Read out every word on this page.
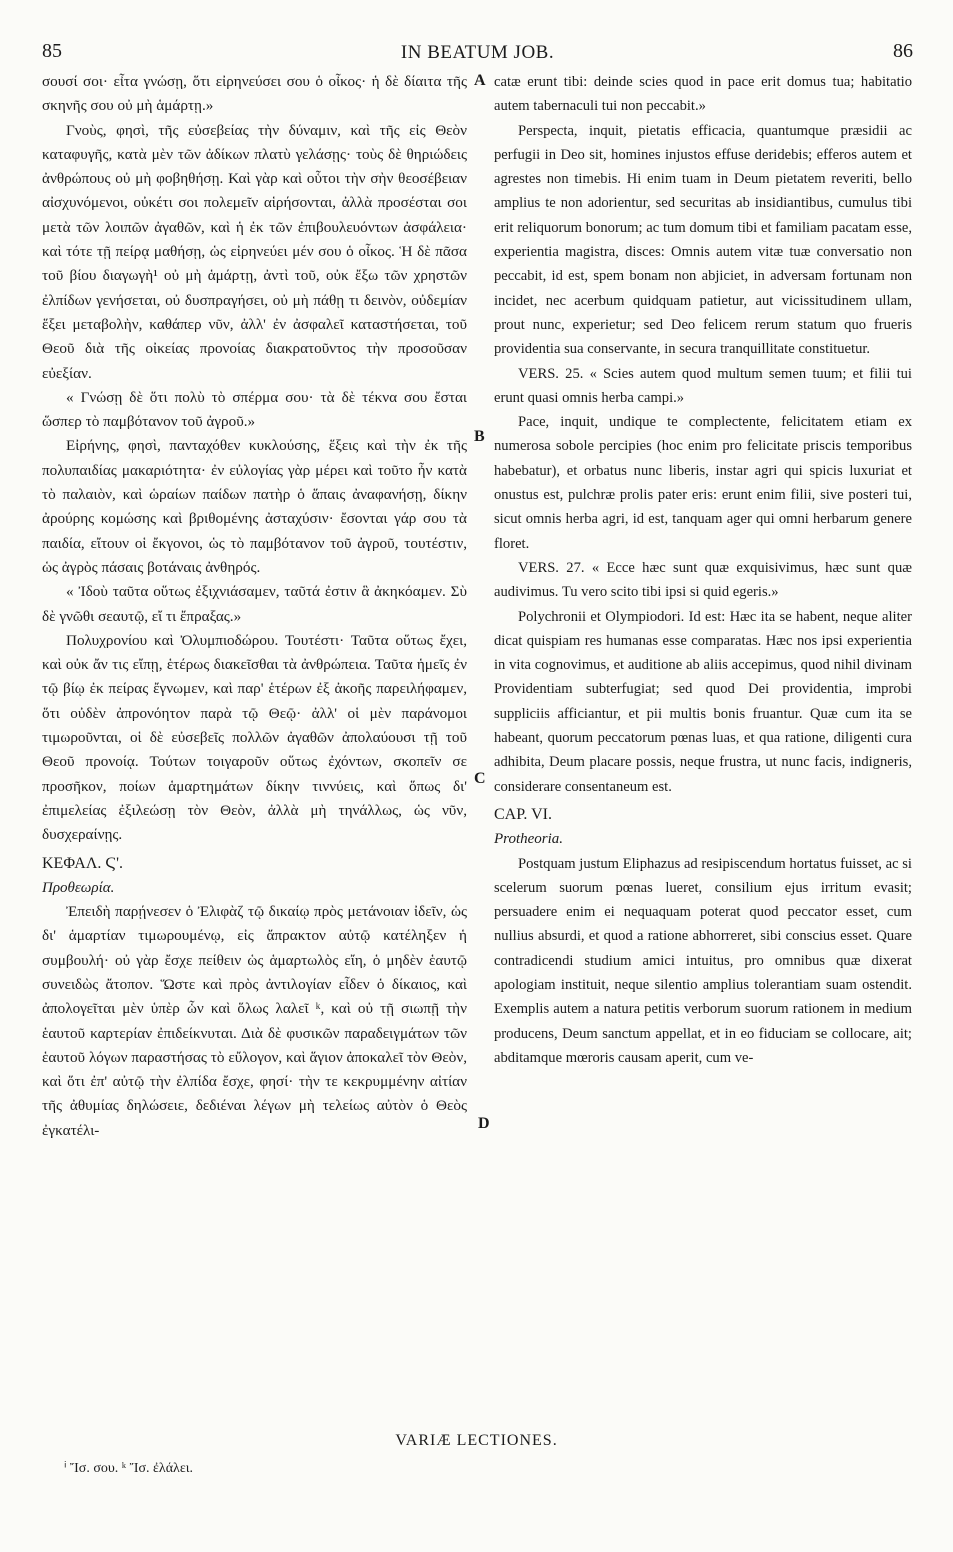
85	IN BEATUM JOB.	86

σουσί σοι· εἶτα γνώσῃ, ὅτι εἰρηνεύσει σου ὁ οἶκος· ἡ δὲ δίαιτα τῆς σκηνῆς σου οὐ μὴ ἁμάρτῃ.»

Γνοὺς, φησὶ, τῆς εὐσεβείας τὴν δύναμιν, καὶ τῆς εἰς Θεὸν καταφυγῆς, κατὰ μὲν τῶν ἀδίκων πλατὺ γελάσῃς· τοὺς δὲ θηριώδεις ἀνθρώπους οὐ μὴ φοβηθήσῃ. Καὶ γὰρ καὶ οὗτοι τὴν σὴν θεοσέβειαν αἰσχυνόμενοι, οὐκέτι σοι πολεμεῖν αἱρήσονται, ἀλλὰ προσέσται σοι μετὰ τῶν λοιπῶν ἀγαθῶν, καὶ ἡ ἐκ τῶν ἐπιβουλευόντων ἀσφάλεια· καὶ τότε τῇ πείρᾳ μαθήσῃ, ὡς εἰρηνεύει μέν σου ὁ οἶκος. Ἡ δὲ πᾶσα τοῦ βίου διαγωγὴ¹ οὐ μὴ ἁμάρτῃ, ἀντὶ τοῦ, οὐκ ἔξω τῶν χρηστῶν ἐλπίδων γενήσεται, οὐ δυσπραγήσει, οὐ μὴ πάθῃ τι δεινὸν, οὐδεμίαν ἕξει μεταβολὴν, καθάπερ νῦν, ἀλλ' ἐν ἀσφαλεῖ καταστήσεται, τοῦ Θεοῦ διὰ τῆς οἰκείας προνοίας διακρατοῦντος τὴν προσοῦσαν εὐεξίαν.

« Γνώσῃ δὲ ὅτι πολὺ τὸ σπέρμα σου· τὰ δὲ τέκνα σου ἔσται ὥσπερ τὸ παμβότανον τοῦ ἀγροῦ.»

Εἰρήνης, φησὶ, πανταχόθεν κυκλούσης, ἕξεις καὶ τὴν ἐκ τῆς πολυπαιδίας μακαριότητα· ἐν εὐλογίας γὰρ μέρει καὶ τοῦτο ἦν κατὰ τὸ παλαιὸν, καὶ ὡραίων παίδων πατὴρ ὁ ἅπαις ἀναφανήσῃ, δίκην ἀρούρης κομώσης καὶ βριθομένης ἀσταχύσιν· ἔσονται γάρ σου τὰ παιδία, εἴτουν οἱ ἔκγονοι, ὡς τὸ παμβότανον τοῦ ἀγροῦ, τουτέστιν, ὡς ἀγρὸς πάσαις βοτάναις ἀνθηρός.

« Ἰδοὺ ταῦτα οὕτως ἐξιχνιάσαμεν, ταῦτά ἐστιν ἃ ἀκηκόαμεν. Σὺ δὲ γνῶθι σεαυτῷ, εἴ τι ἔπραξας.»

Πολυχρονίου καὶ Ὀλυμπιοδώρου. Τουτέστι· Ταῦτα οὕτως ἔχει, καὶ οὐκ ἄν τις εἴπῃ, ἑτέρως διακεῖσθαι τὰ ἀνθρώπεια. Ταῦτα ἡμεῖς ἐν τῷ βίῳ ἐκ πείρας ἔγνωμεν, καὶ παρ' ἑτέρων ἐξ ἀκοῆς παρειλήφαμεν, ὅτι οὐδὲν ἀπρονόητον παρὰ τῷ Θεῷ· ἀλλ' οἱ μὲν παράνομοι τιμωροῦνται, οἱ δὲ εὐσεβεῖς πολλῶν ἀγαθῶν ἀπολαύουσι τῇ τοῦ Θεοῦ προνοίᾳ. Τούτων τοιγαροῦν οὕτως ἐχόντων, σκοπεῖν σε προσῆκον, ποίων ἁμαρτημάτων δίκην τιννύεις, καὶ ὅπως δι' ἐπιμελείας ἐξιλεώσῃ τὸν Θεὸν, ἀλλὰ μὴ τηνάλλως, ὡς νῦν, δυσχεραίνῃς.

ΚΕΦΑΛ. Ϛ'.

Προθεωρία.

Ἐπειδὴ παρῄνεσεν ὁ Ἐλιφὰζ τῷ δικαίῳ πρὸς μετάνοιαν ἰδεῖν, ὡς δι' ἁμαρτίαν τιμωρουμένῳ, εἰς ἄπρακτον αὐτῷ κατέληξεν ἡ συμβουλή· οὐ γὰρ ἔσχε πείθειν ὡς ἁμαρτωλὸς εἴη, ὁ μηδὲν ἑαυτῷ συνειδὼς ἄτοπον. Ὥστε καὶ πρὸς ἀντιλογίαν εἶδεν ὁ δίκαιος, καὶ ἀπολογεῖται μὲν ὑπὲρ ὧν καὶ ὅλως λαλεῖ ᵏ, καὶ οὐ τῇ σιωπῇ τὴν ἑαυτοῦ καρτερίαν ἐπιδείκνυται. Διὰ δὲ φυσικῶν παραδειγμάτων τῶν ἑαυτοῦ λόγων παραστήσας τὸ εὔλογον, καὶ ἅγιον ἀποκαλεῖ τὸν Θεὸν, καὶ ὅτι ἐπ' αὐτῷ τὴν ἐλπίδα ἔσχε, φησί· τὴν τε κεκρυμμένην αἰτίαν τῆς ἀθυμίας δηλώσειε, δεδιέναι λέγων μὴ τελείως αὐτὸν ὁ Θεὸς ἐγκατέλι-

A
B
C
D

catæ erunt tibi: deinde scies quod in pace erit domus tua; habitatio autem tabernaculi tui non peccabit.»

Perspecta, inquit, pietatis efficacia, quantumque præsidii ac perfugii in Deo sit, homines injustos effuse deridebis; efferos autem et agrestes non timebis. Hi enim tuam in Deum pietatem reveriti, bello amplius te non adorientur, sed securitas ab insidiantibus, cumulus tibi erit reliquorum bonorum; ac tum domum tibi et familiam pacatam esse, experientia magistra, disces: Omnis autem vitæ tuæ conversatio non peccabit, id est, spem bonam non abjiciet, in adversam fortunam non incidet, nec acerbum quidquam patietur, aut vicissitudinem ullam, prout nunc, experietur; sed Deo felicem rerum statum quo frueris providentia sua conservante, in secura tranquillitate constituetur.

VERS. 25. « Scies autem quod multum semen tuum; et filii tui erunt quasi omnis herba campi.»

Pace, inquit, undique te complectente, felicitatem etiam ex numerosa sobole percipies (hoc enim pro felicitate priscis temporibus habebatur), et orbatus nunc liberis, instar agri qui spicis luxuriat et onustus est, pulchræ prolis pater eris: erunt enim filii, sive posteri tui, sicut omnis herba agri, id est, tanquam ager qui omni herbarum genere floret.

VERS. 27. « Ecce hæc sunt quæ exquisivimus, hæc sunt quæ audivimus. Tu vero scito tibi ipsi si quid egeris.»

Polychronii et Olympiodori. Id est: Hæc ita se habent, neque aliter dicat quispiam res humanas esse comparatas. Hæc nos ipsi experientia in vita cognovimus, et auditione ab aliis accepimus, quod nihil divinam Providentiam subterfugiat; sed quod Dei providentia, improbi suppliciis afficiantur, et pii multis bonis fruantur. Quæ cum ita se habeant, quorum peccatorum pœnas luas, et qua ratione, diligenti cura adhibita, Deum placare possis, neque frustra, ut nunc facis, indigneris, considerare consentaneum est.

CAP. VI.

Protheoria.

Postquam justum Eliphazus ad resipiscendum hortatus fuisset, ac si scelerum suorum pœnas lueret, consilium ejus irritum evasit; persuadere enim ei nequaquam poterat quod peccator esset, cum nullius absurdi, et quod a ratione abhorreret, sibi conscius esset. Quare contradicendi studium amici intuitus, pro omnibus quæ dixerat apologiam instituit, neque silentio amplius tolerantiam suam ostendit. Exemplis autem a natura petitis verborum suorum rationem in medium producens, Deum sanctum appellat, et in eo fiduciam se collocare, ait; abditamque mœroris causam aperit, cum ve-

VARIÆ LECTIONES.
ⁱ Ἴσ. σου. ᵏ Ἴσ. ἐλάλει.
